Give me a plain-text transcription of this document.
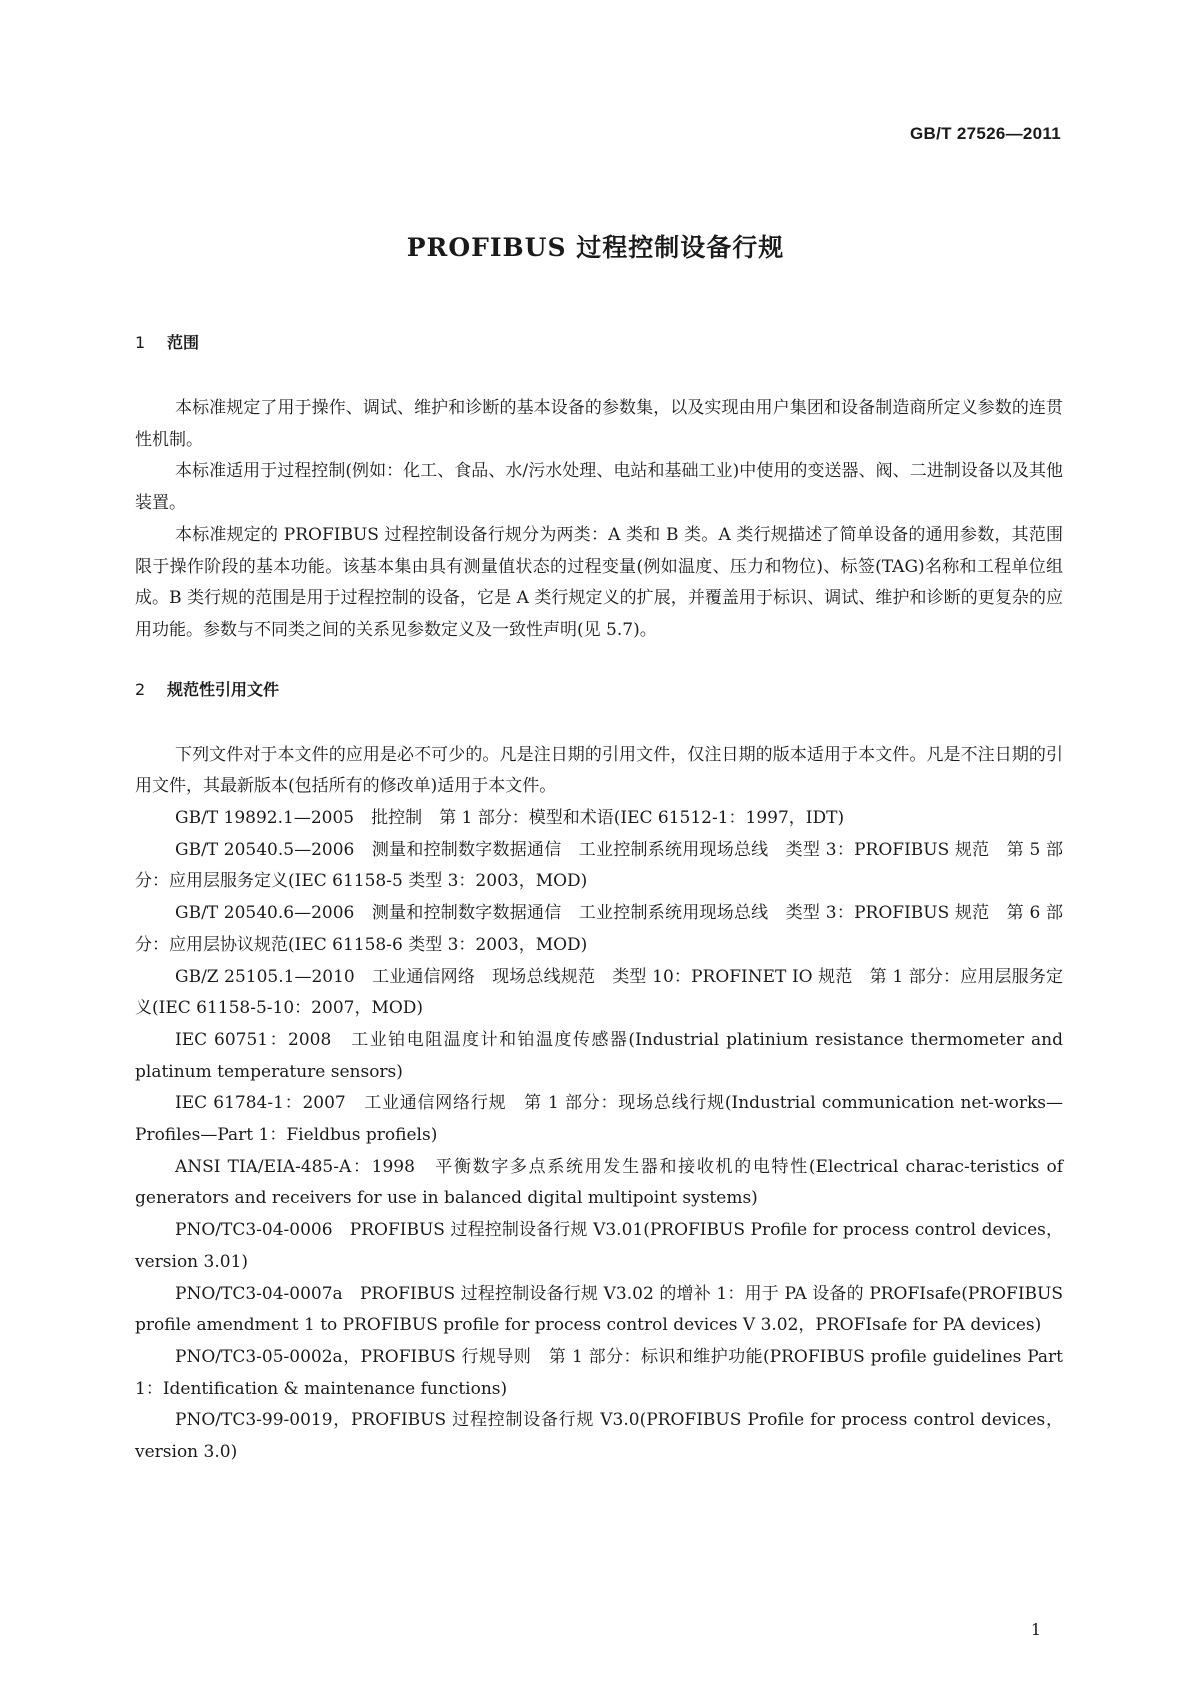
GB/T 27526—2011
PROFIBUS 过程控制设备行规
1 范围

本标准规定了用于操作、调试、维护和诊断的基本设备的参数集，以及实现由用户集团和设备制造商所定义参数的连贯性机制。

本标准适用于过程控制(例如：化工、食品、水/污水处理、电站和基础工业)中使用的变送器、阀、二进制设备以及其他装置。

本标准规定的 PROFIBUS 过程控制设备行规分为两类：A 类和 B 类。A 类行规描述了简单设备的通用参数，其范围限于操作阶段的基本功能。该基本集由具有测量值状态的过程变量(例如温度、压力和物位)、标签(TAG)名称和工程单位组成。B 类行规的范围是用于过程控制的设备，它是 A 类行规定义的扩展，并覆盖用于标识、调试、维护和诊断的更复杂的应用功能。参数与不同类之间的关系见参数定义及一致性声明(见 5.7)。

2 规范性引用文件

下列文件对于本文件的应用是必不可少的。凡是注日期的引用文件，仅注日期的版本适用于本文件。凡是不注日期的引用文件，其最新版本(包括所有的修改单)适用于本文件。

GB/T 19892.1—2005　批控制　第 1 部分：模型和术语(IEC 61512-1：1997，IDT)

GB/T 20540.5—2006　测量和控制数字数据通信　工业控制系统用现场总线　类型 3：PROFIBUS 规范　第 5 部分：应用层服务定义(IEC 61158-5 类型 3：2003，MOD)

GB/T 20540.6—2006　测量和控制数字数据通信　工业控制系统用现场总线　类型 3：PROFIBUS 规范　第 6 部分：应用层协议规范(IEC 61158-6 类型 3：2003，MOD)

GB/Z 25105.1—2010　工业通信网络　现场总线规范　类型 10：PROFINET IO 规范　第 1 部分：应用层服务定义(IEC 61158-5-10：2007，MOD)

IEC 60751：2008　工业铂电阻温度计和铂温度传感器(Industrial platinium resistance thermometer and platinum temperature sensors)

IEC 61784-1：2007　工业通信网络行规　第 1 部分：现场总线行规(Industrial communication net-works—Profiles—Part 1：Fieldbus profiels)

ANSI TIA/EIA-485-A：1998　平衡数字多点系统用发生器和接收机的电特性(Electrical charac-teristics of generators and receivers for use in balanced digital multipoint systems)

PNO/TC3-04-0006　PROFIBUS 过程控制设备行规 V3.01(PROFIBUS Profile for process control devices，version 3.01)

PNO/TC3-04-0007a　PROFIBUS 过程控制设备行规 V3.02 的增补 1：用于 PA 设备的 PROFIsafe(PROFIBUS profile amendment 1 to PROFIBUS profile for process control devices V 3.02，PROFIsafe for PA devices)

PNO/TC3-05-0002a，PROFIBUS 行规导则　第 1 部分：标识和维护功能(PROFIBUS profile guidelines Part 1：Identification & maintenance functions)

PNO/TC3-99-0019，PROFIBUS 过程控制设备行规 V3.0(PROFIBUS Profile for process control devices，version 3.0)

1
